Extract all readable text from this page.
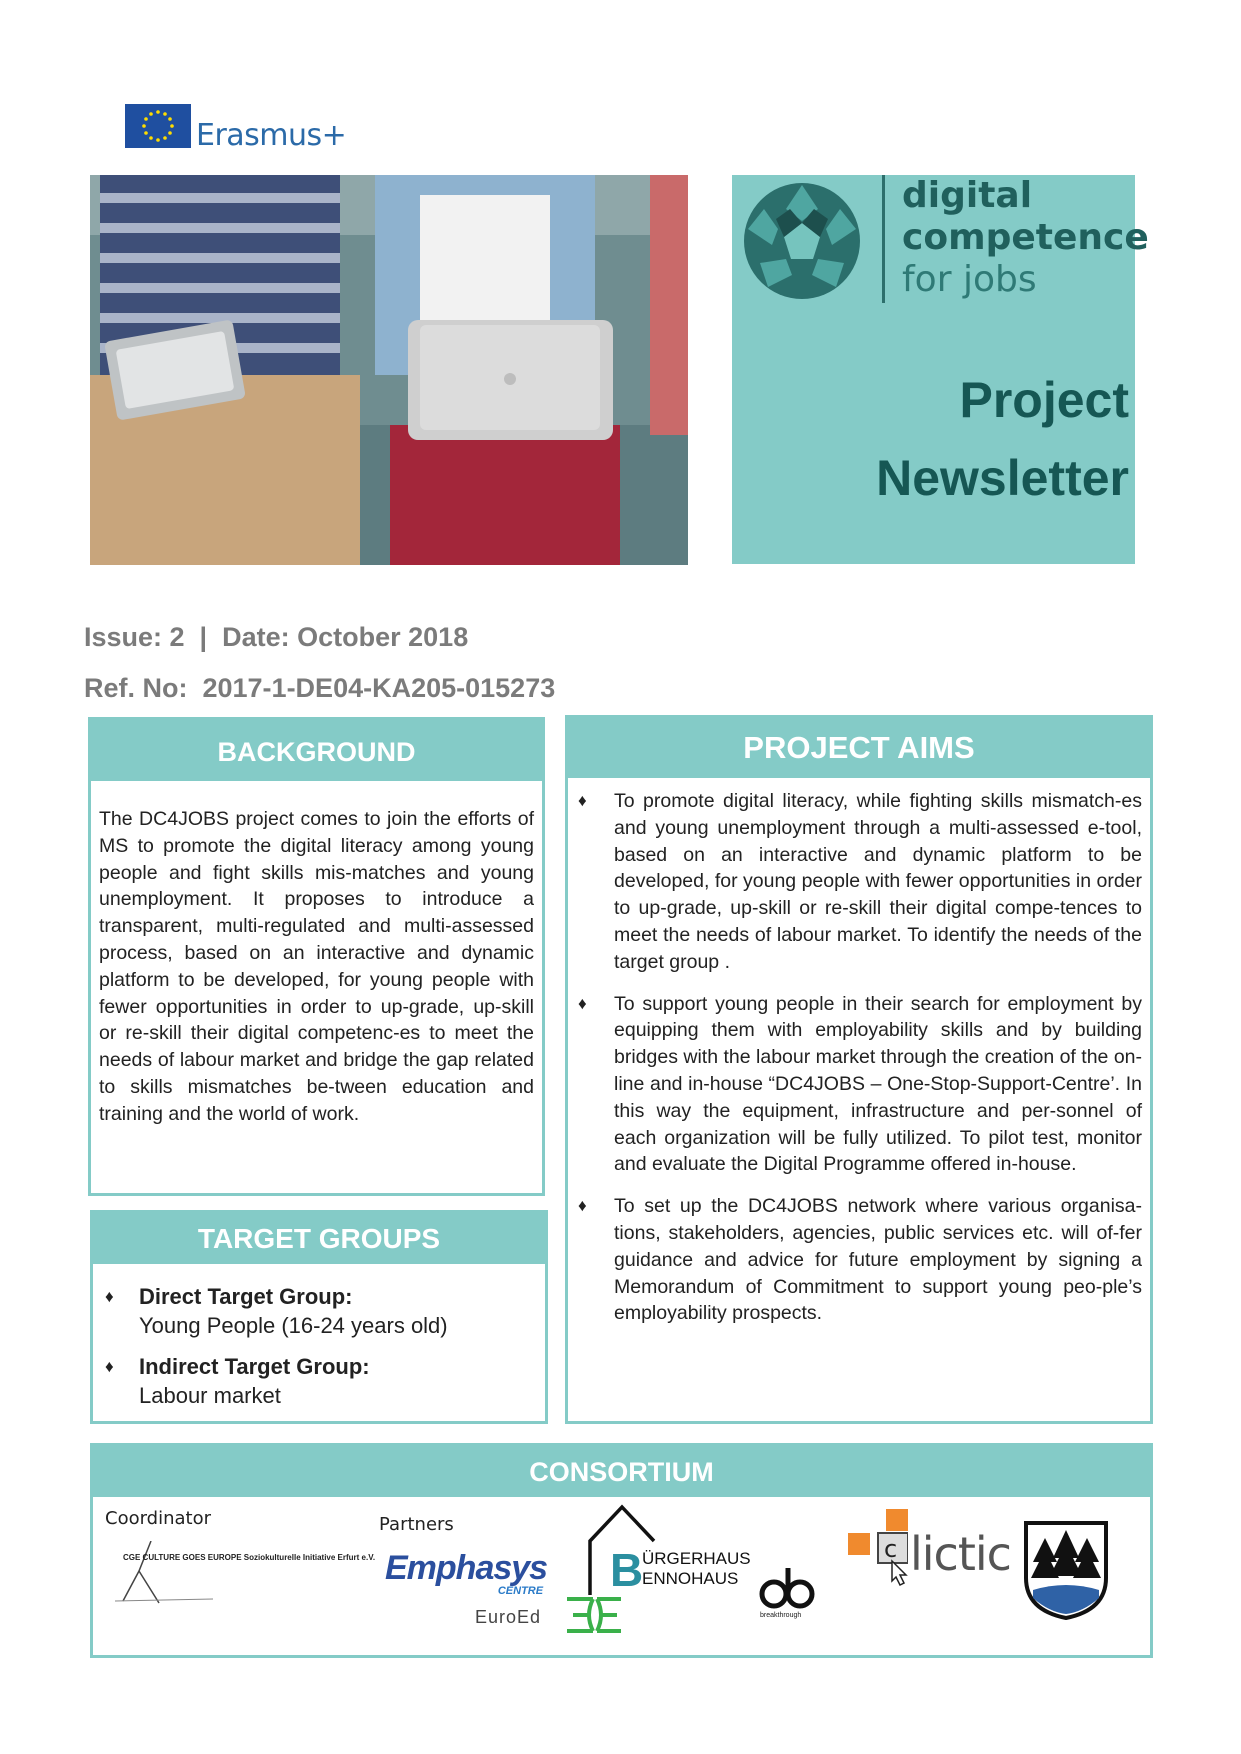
Erasmus+
digital
competence
for jobs
Project
Newsletter
Issue: 2  |  Date: October 2018
Ref. No:  2017-1-DE04-KA205-015273
BACKGROUND
The DC4JOBS project comes to join the efforts of MS to promote the digital literacy among young people and fight skills mis-matches and young unemployment. It proposes to introduce a transparent, multi-regulated and multi-assessed process, based on an interactive and dynamic platform to be developed, for young people with fewer opportunities in order to up-grade, up-skill or re-skill their digital competenc-es to meet the needs of labour market and bridge the gap related to skills mismatches be-tween education and training and the world of work.
TARGET GROUPS
♦ Direct Target Group:
Young People (16-24 years old)
♦ Indirect Target Group:
Labour market
PROJECT AIMS
♦ To promote digital literacy, while fighting skills mismatch-es and young unemployment through a multi-assessed e-tool, based on an interactive and dynamic platform to be developed, for young people with fewer opportunities in order to up-grade, up-skill or re-skill their digital compe-tences to meet the needs of labour market. To identify the needs of the target group .
♦ To support young people in their search for employment by equipping them with employability skills and by building bridges with the labour market through the creation of the on-line and in-house “DC4JOBS – One-Stop-Support-Centre’. In this way the equipment, infrastructure and per-sonnel of each organization will be fully utilized. To pilot test, monitor and evaluate the Digital Programme offered in-house.
♦ To set up the DC4JOBS network where various organisa-tions, stakeholders, agencies, public services etc. will of-fer guidance and advice for future employment by signing a Memorandum of Commitment to support young peo-ple’s employability prospects.
CONSORTIUM
Coordinator	Partners
CGE CULTURE GOES EUROPE Soziokulturelle Initiative Erfurt e.V. Emphasys
CENTRE
EuroEd
B
ÜRGERHAUS
ENNOHAUS
breakthrough
c lictic
